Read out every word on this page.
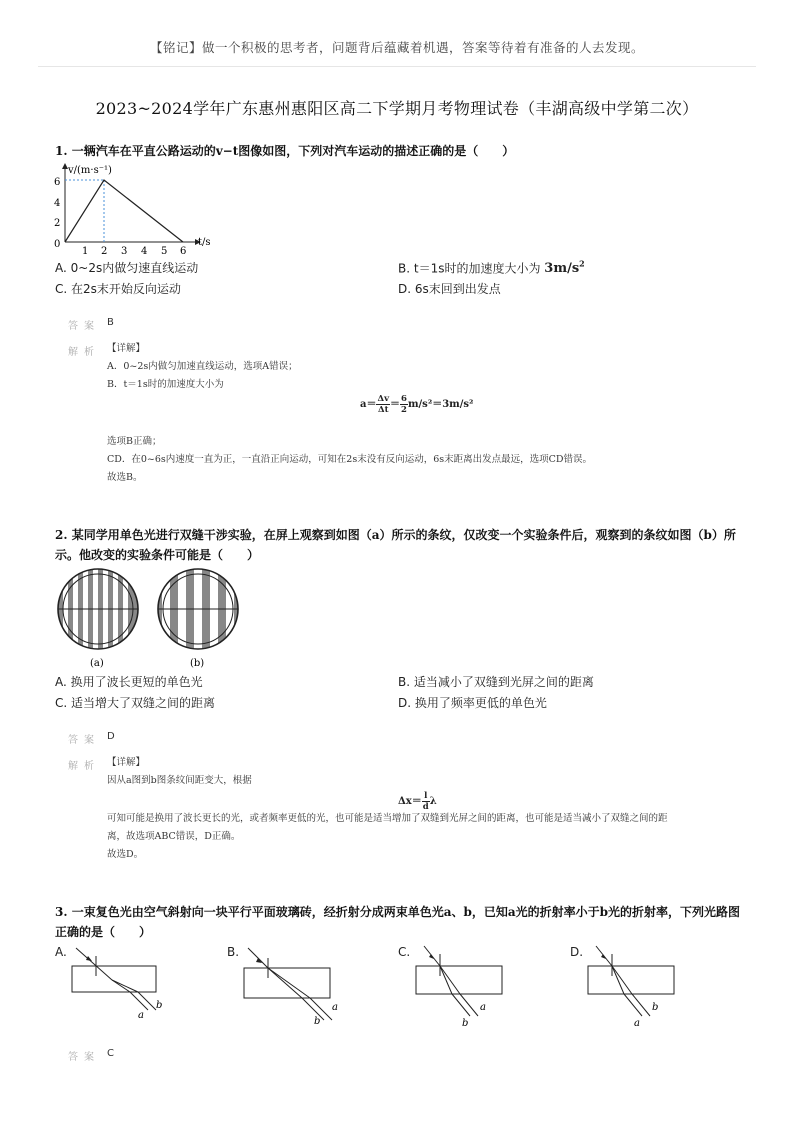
【铭记】做一个积极的思考者，问题背后蕴藏着机遇，答案等待着有准备的人去发现。
2023~2024学年广东惠州惠阳区高二下学期月考物理试卷（丰湖高级中学第二次）
1. 一辆汽车在平直公路运动的v−t图像如图，下列对汽车运动的描述正确的是（　　）
v/(m·s⁻¹)
t/s
6
4
2
0
1 2 3 4 5 6
A. 0~2s内做匀速直线运动	B. t＝1s时的加速度大小为 $3m/s^2$
C. 在2s末开始反向运动	D. 6s末回到出发点
答案 B
解析 【详解】
A．0~2s内做匀加速直线运动，选项A错误；
B．t＝1s时的加速度大小为
$a= \frac{\Delta v}{\Delta t} = \frac{6}{2} m/s^2=3m/s^2$
选项B正确；
CD．在0~6s内速度一直为正，一直沿正向运动，可知在2s末没有反向运动，6s末距离出发点最远，选项CD错误。
故选B。
2. 某同学用单色光进行双缝干涉实验，在屏上观察到如图（a）所示的条纹，仅改变一个实验条件后，观察到的条纹如图（b）所
示。他改变的实验条件可能是（　　）
(a)	(b)
A. 换用了波长更短的单色光	B. 适当减小了双缝到光屏之间的距离
C. 适当增大了双缝之间的距离	D. 换用了频率更低的单色光
答案 D
解析 【详解】
因从a图到b图条纹间距变大，根据
$\Delta x= \frac{l}{d}$ λ
可知可能是换用了波长更长的光，或者频率更低的光，也可能是适当增加了双缝到光屏之间的距离，也可能是适当减小了双缝之间的距
离，故选项ABC错误，D正确。
故选D。
3. 一束复色光由空气斜射向一块平行平面玻璃砖，经折射分成两束单色光a、b，已知a光的折射率小于b光的折射率，下列光路图
正确的是（　　）
A.
a
b
B.
b
a
C.
b
a
D.
a
b
答案 C
